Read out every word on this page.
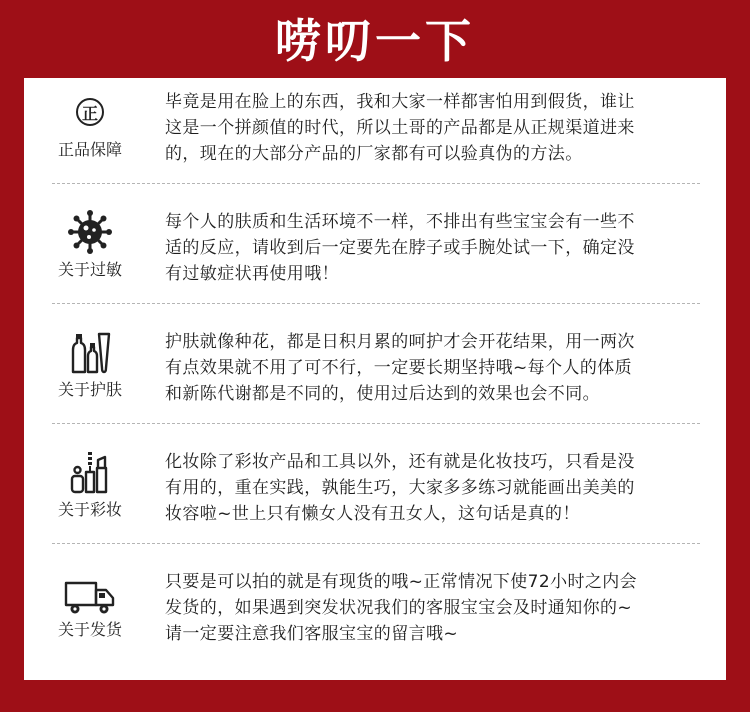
唠叨一下
正
正品保障
毕竟是用在脸上的东西，我和大家一样都害怕用到假货，谁让
这是一个拼颜值的时代，所以土哥的产品都是从正规渠道进来
的，现在的大部分产品的厂家都有可以验真伪的方法。
关于过敏
每个人的肤质和生活环境不一样，不排出有些宝宝会有一些不
适的反应，请收到后一定要先在脖子或手腕处试一下，确定没
有过敏症状再使用哦！
关于护肤
护肤就像种花，都是日积月累的呵护才会开花结果，用一两次
有点效果就不用了可不行，一定要长期坚持哦~每个人的体质
和新陈代谢都是不同的，使用过后达到的效果也会不同。
关于彩妆
化妆除了彩妆产品和工具以外，还有就是化妆技巧，只看是没
有用的，重在实践，孰能生巧，大家多多练习就能画出美美的
妆容啦~世上只有懒女人没有丑女人，这句话是真的！
关于发货
只要是可以拍的就是有现货的哦~正常情况下使72小时之内会
发货的，如果遇到突发状况我们的客服宝宝会及时通知你的~
请一定要注意我们客服宝宝的留言哦~
